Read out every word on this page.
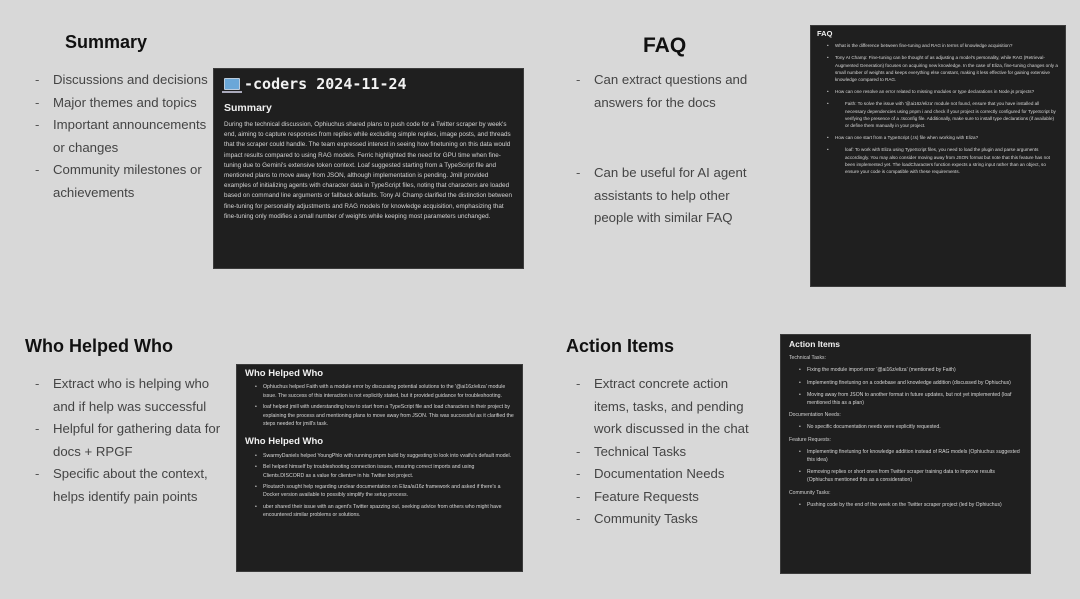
Summary
- Discussions and decisions
- Major themes and topics
- Important announcements
or changes
- Community milestones or
achievements
-coders 2024-11-24
Summary

During the technical discussion, Ophiuchus shared plans to push code for a Twitter scraper by week's end, aiming to capture responses from replies while excluding simple replies, image posts, and threads that the scraper could handle. The team expressed interest in seeing how finetuning on this data would impact results compared to using RAG models. Ferric highlighted the need for GPU time when fine-tuning due to Gemini's extensive token context. Loaf suggested starting from a TypeScript file and mentioned plans to move away from JSON, although implementation is pending. Jmill provided examples of initializing agents with character data in TypeScript files, noting that characters are loaded based on command line arguments or fallback defaults. Tony AI Champ clarified the distinction between fine-tuning for personality adjustments and RAG models for knowledge acquisition, emphasizing that fine-tuning only modifies a small number of weights while keeping most parameters unchanged.

FAQ
- Can extract questions and
answers for the docs
- Can be useful for AI agent
assistants to help other
people with similar FAQ
FAQ
• What is the difference between fine-tuning and RAG in terms of knowledge acquisition?
• Tony AI Champ: Fine-tuning can be thought of as adjusting a model's personality, while RAG (Retrieval-Augmented Generation) focuses on acquiring new knowledge. In the case of Eliza, fine-tuning changes only a small number of weights and keeps everything else constant, making it less effective for gaining extensive knowledge compared to RAG.
• How can one resolve an error related to missing modules or type declarations in Node.js projects?
• Faith: To solve the issue with '@ai16z/eliza' module not found, ensure that you have installed all necessary dependencies using pnpm i and check if your project is correctly configured for TypeScript by verifying the presence of a .tsconfig file. Additionally, make sure to install type declarations (if available) or define them manually in your project.
• How can one start from a TypeScript (.ts) file when working with Eliza?
• loaf: To work with Eliza using TypeScript files, you need to load the plugin and parse arguments accordingly. You may also consider moving away from JSON format but note that this feature has not been implemented yet. The loadCharacters function expects a string input rather than an object, so ensure your code is compatible with these requirements.
Who Helped Who
- Extract who is helping who
and if help was successful
- Helpful for gathering data for
docs + RPGF
- Specific about the context,
helps identify pain points
Who Helped Who
• Ophiuchus helped Faith with a module error by discussing potential solutions to the '@ai16z/eliza' module issue. The success of this interaction is not explicitly stated, but it provided guidance for troubleshooting.
• loaf helped jmill with understanding how to start from a TypeScript file and load characters in their project by explaining the process and mentioning plans to move away from JSON. This was successful as it clarified the steps needed for jmill's task.
Who Helped Who
• SwarmyDaniels helped YoungPhlo with running pnpm build by suggesting to look into vvaifu's default model.
• Bel helped himself by troubleshooting connection issues, ensuring correct imports and using Clients.DISCORD as a value for clients= in his Twitter bot project.
• Ploutarch sought help regarding unclear documentation on Eliza/ai16z framework and asked if there's a Docker version available to possibly simplify the setup process.
• uber shared their issue with an agent's Twitter spazzing out, seeking advice from others who might have encountered similar problems or solutions.
Action Items
- Extract concrete action
items, tasks, and pending
work discussed in the chat
- Technical Tasks
- Documentation Needs
- Feature Requests
- Community Tasks
Action Items
Technical Tasks:
• Fixing the module import error '@ai16z/eliza' (mentioned by Faith)
• Implementing finetuning on a codebase and knowledge addition (discussed by Ophiuchus)
• Moving away from JSON to another format in future updates, but not yet implemented (loaf mentioned this as a plan)
Documentation Needs:
• No specific documentation needs were explicitly requested.
Feature Requests:
• Implementing finetuning for knowledge addition instead of RAG models (Ophiuchus suggested this idea)
• Removing replies or short ones from Twitter scraper training data to improve results (Ophiuchus mentioned this as a consideration)
Community Tasks:
• Pushing code by the end of the week on the Twitter scraper project (led by Ophiuchus)
